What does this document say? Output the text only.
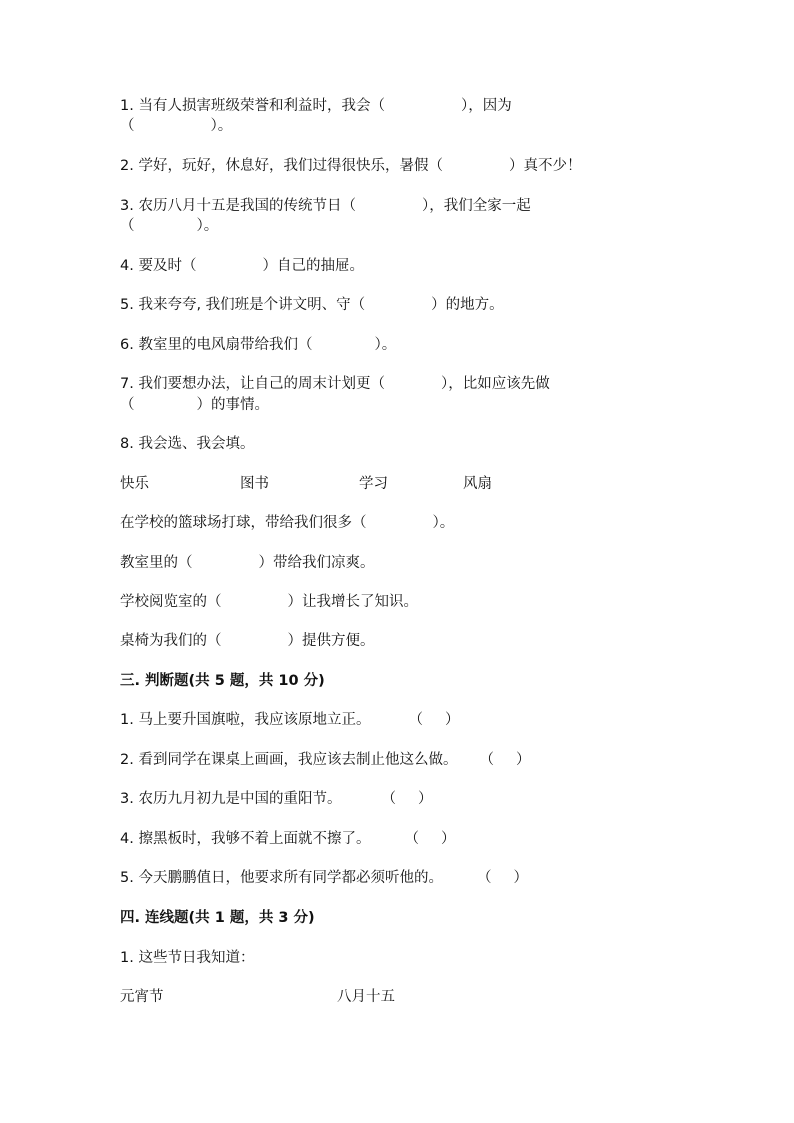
1. 当有人损害班级荣誉和利益时，我会（	），因为
（	）。
2. 学好，玩好，休息好，我们过得很快乐，暑假（	）真不少！
3. 农历八月十五是我国的传统节日（	），我们全家一起
（	）。
4. 要及时（	）自己的抽屉。
5. 我来夸夸, 我们班是个讲文明、守（	）的地方。
6. 教室里的电风扇带给我们（	）。
7. 我们要想办法，让自己的周末计划更（	），比如应该先做
（	）的事情。
8. 我会选、我会填。
快乐	图书	学习	风扇
在学校的篮球场打球，带给我们很多（	）。
教室里的（	）带给我们凉爽。
学校阅览室的（	）让我增长了知识。
桌椅为我们的（	）提供方便。
三. 判断题(共 5 题，共 10 分)
1. 马上要升国旗啦，我应该原地立正。	（ ）
2. 看到同学在课桌上画画，我应该去制止他这么做。 （ ）
3. 农历九月初九是中国的重阳节。	（ ）
4. 擦黑板时，我够不着上面就不擦了。 （ ）
5. 今天鹏鹏值日，他要求所有同学都必须听他的。 （ ）
四. 连线题(共 1 题，共 3 分)
1. 这些节日我知道：
元宵节	八月十五
